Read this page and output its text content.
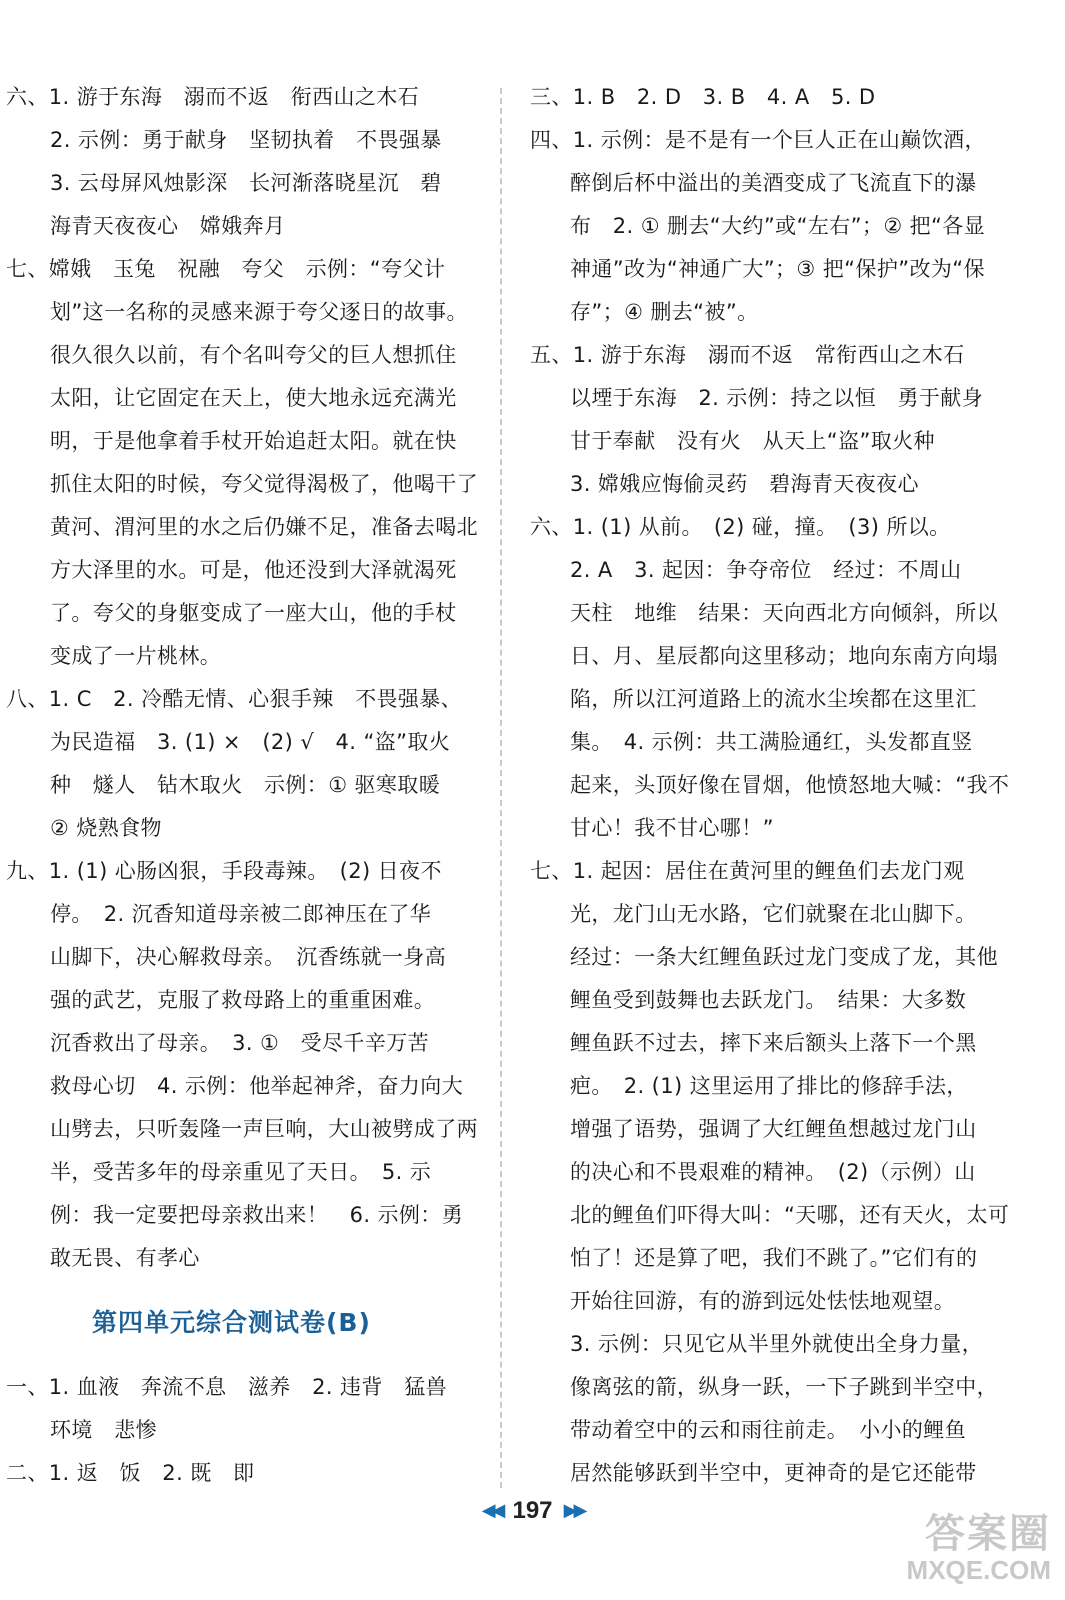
六、1. 游于东海　溺而不返　衔西山之木石
2. 示例：勇于献身　坚韧执着　不畏强暴
3. 云母屏风烛影深　长河渐落晓星沉　碧
海青天夜夜心　嫦娥奔月
七、嫦娥　玉兔　祝融　夸父　示例：“夸父计
划”这一名称的灵感来源于夸父逐日的故事。
很久很久以前，有个名叫夸父的巨人想抓住
太阳，让它固定在天上，使大地永远充满光
明，于是他拿着手杖开始追赶太阳。就在快
抓住太阳的时候，夸父觉得渴极了，他喝干了
黄河、渭河里的水之后仍嫌不足，准备去喝北
方大泽里的水。可是，他还没到大泽就渴死
了。夸父的身躯变成了一座大山，他的手杖
变成了一片桃林。
八、1. C　2. 冷酷无情、心狠手辣　不畏强暴、
为民造福　3. (1) ×　(2) √　4. “盗”取火
种　燧人　钻木取火　示例：① 驱寒取暖
② 烧熟食物
九、1. (1) 心肠凶狠，手段毒辣。　(2) 日夜不
停。　2. 沉香知道母亲被二郎神压在了华
山脚下，决心解救母亲。　沉香练就一身高
强的武艺，克服了救母路上的重重困难。
沉香救出了母亲。　3. ①　受尽千辛万苦
救母心切　4. 示例：他举起神斧，奋力向大
山劈去，只听轰隆一声巨响，大山被劈成了两
半，受苦多年的母亲重见了天日。　5. 示
例：我一定要把母亲救出来！　6. 示例：勇
敢无畏、有孝心
第四单元综合测试卷(B)
一、1. 血液　奔流不息　滋养　2. 违背　猛兽
环境　悲惨
二、1. 返　饭　2. 既　即
三、1. B　2. D　3. B　4. A　5. D
四、1. 示例：是不是有一个巨人正在山巅饮酒，
醉倒后杯中溢出的美酒变成了飞流直下的瀑
布　2. ① 删去“大约”或“左右”；② 把“各显
神通”改为“神通广大”；③ 把“保护”改为“保
存”；④ 删去“被”。
五、1. 游于东海　溺而不返　常衔西山之木石
以堙于东海　2. 示例：持之以恒　勇于献身
甘于奉献　没有火　从天上“盗”取火种
3. 嫦娥应悔偷灵药　碧海青天夜夜心
六、1. (1) 从前。　(2) 碰，撞。　(3) 所以。
2. A　3. 起因：争夺帝位　经过：不周山
天柱　地维　结果：天向西北方向倾斜，所以
日、月、星辰都向这里移动；地向东南方向塌
陷，所以江河道路上的流水尘埃都在这里汇
集。　4. 示例：共工满脸通红，头发都直竖
起来，头顶好像在冒烟，他愤怒地大喊：“我不
甘心！我不甘心哪！”
七、1. 起因：居住在黄河里的鲤鱼们去龙门观
光，龙门山无水路，它们就聚在北山脚下。
经过：一条大红鲤鱼跃过龙门变成了龙，其他
鲤鱼受到鼓舞也去跃龙门。　结果：大多数
鲤鱼跃不过去，摔下来后额头上落下一个黑
疤。　2. (1) 这里运用了排比的修辞手法，
增强了语势，强调了大红鲤鱼想越过龙门山
的决心和不畏艰难的精神。　(2)（示例）山
北的鲤鱼们吓得大叫：“天哪，还有天火，太可
怕了！还是算了吧，我们不跳了。”它们有的
开始往回游，有的游到远处怯怯地观望。
3. 示例：只见它从半里外就使出全身力量，
像离弦的箭，纵身一跃，一下子跳到半空中，
带动着空中的云和雨往前走。　小小的鲤鱼
居然能够跃到半空中，更神奇的是它还能带
◀◀ 197 ▶▶
答案圈
MXQE.COM
